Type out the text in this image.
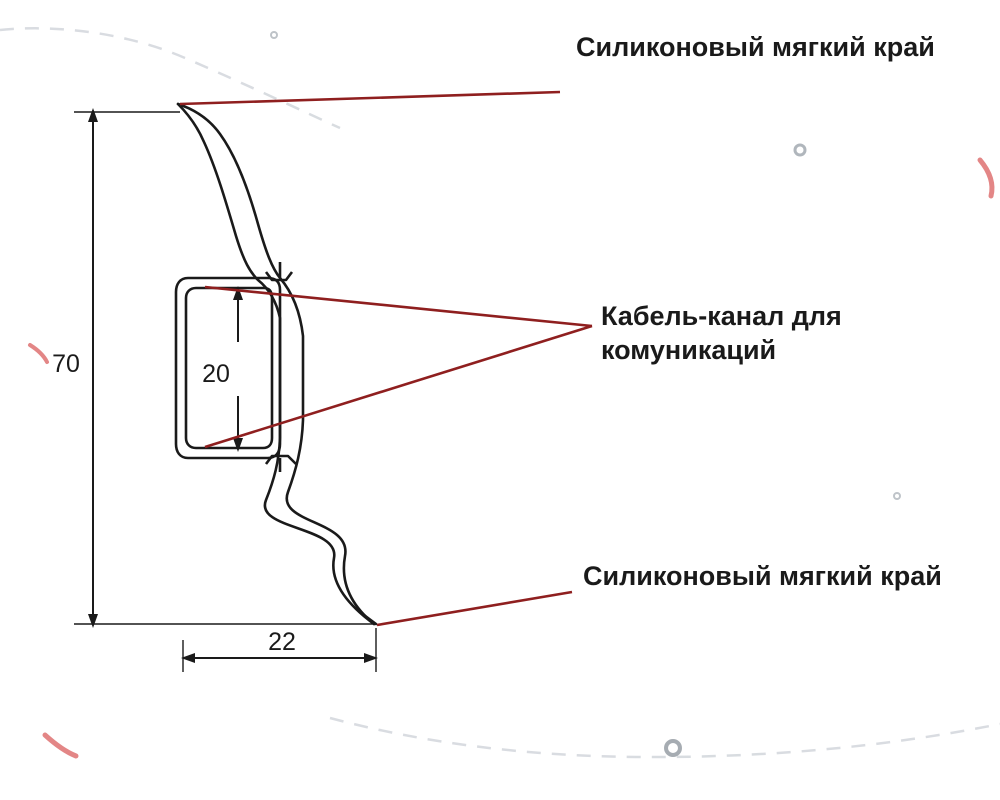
70	20
22
Силиконовый мягкий край
Кабель-канал для комуникаций
Силиконовый мягкий край
